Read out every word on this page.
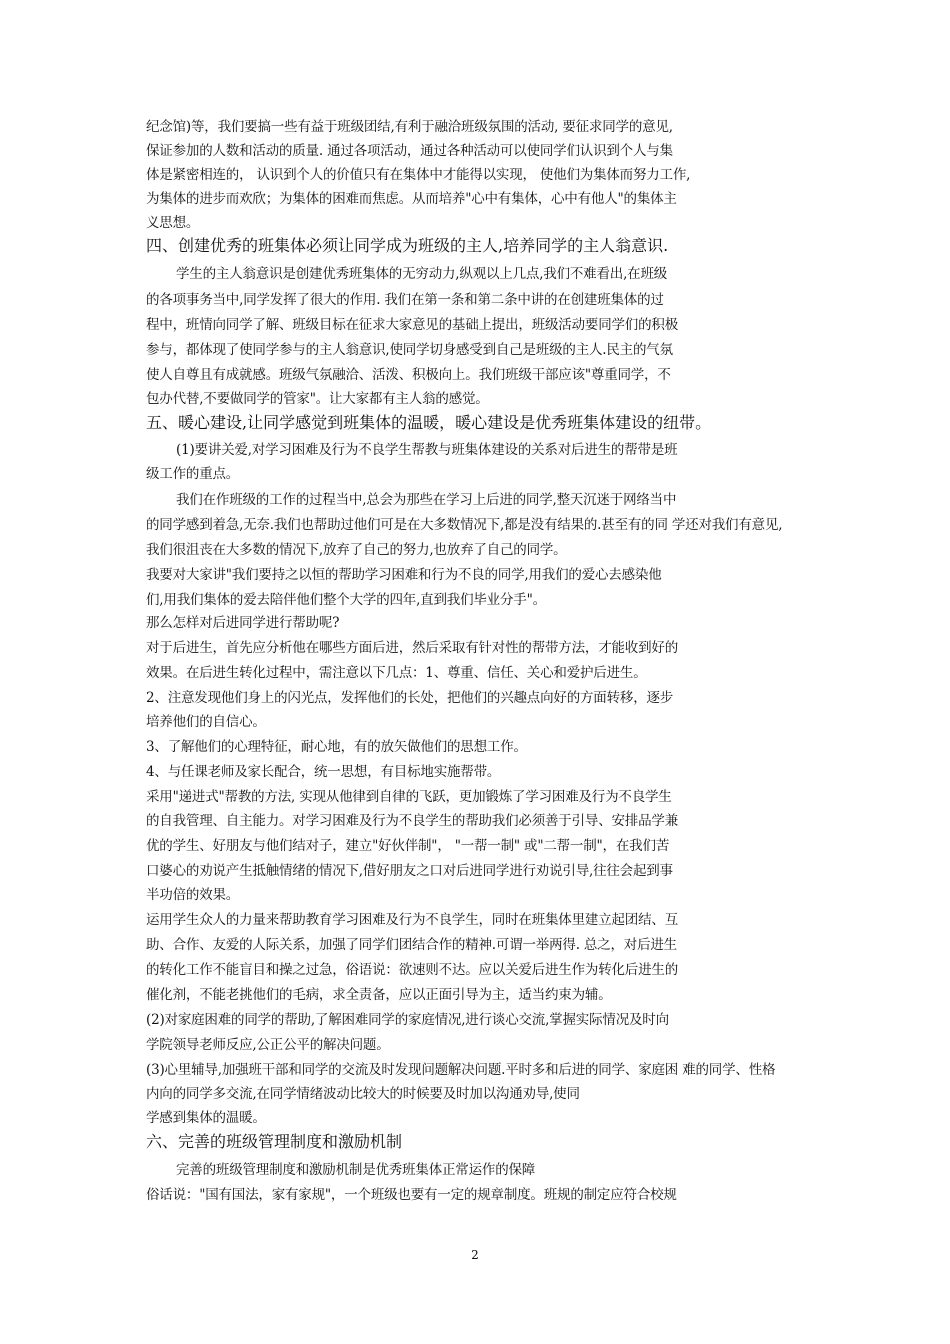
纪念馆)等，我们要搞一些有益于班级团结,有利于融洽班级氛围的活动, 要征求同学的意见,
保证参加的人数和活动的质量. 通过各项活动，通过各种活动可以使同学们认识到个人与集
体是紧密相连的， 认识到个人的价值只有在集体中才能得以实现， 使他们为集体而努力工作,
为集体的进步而欢欣；为集体的困难而焦虑。从而培养"心中有集体，心中有他人"的集体主
义思想。
四、创建优秀的班集体必须让同学成为班级的主人,培养同学的主人翁意识.
学生的主人翁意识是创建优秀班集体的无穷动力,纵观以上几点,我们不难看出,在班级
的各项事务当中,同学发挥了很大的作用. 我们在第一条和第二条中讲的在创建班集体的过
程中，班情向同学了解、班级目标在征求大家意见的基础上提出，班级活动要同学们的积极
参与，都体现了使同学参与的主人翁意识,使同学切身感受到自己是班级的主人.民主的气氛
使人自尊且有成就感。班级气氛融洽、活泼、积极向上。我们班级干部应该"尊重同学，不
包办代替,不要做同学的管家"。让大家都有主人翁的感觉。
五、暖心建设,让同学感觉到班集体的温暖，暖心建设是优秀班集体建设的纽带。
(1)要讲关爱,对学习困难及行为不良学生帮教与班集体建设的关系对后进生的帮带是班
级工作的重点。
我们在作班级的工作的过程当中,总会为那些在学习上后进的同学,整天沉迷于网络当中
的同学感到着急,无奈.我们也帮助过他们可是在大多数情况下,都是没有结果的.甚至有的同 学还对我们有意见,
我们很沮丧在大多数的情况下,放弃了自己的努力,也放弃了自己的同学。
我要对大家讲"我们要持之以恒的帮助学习困难和行为不良的同学,用我们的爱心去感染他
们,用我们集体的爱去陪伴他们整个大学的四年,直到我们毕业分手"。
那么怎样对后进同学进行帮助呢?
对于后进生，首先应分析他在哪些方面后进，然后采取有针对性的帮带方法，才能收到好的
效果。在后进生转化过程中，需注意以下几点：1、尊重、信任、关心和爱护后进生。
2、注意发现他们身上的闪光点，发挥他们的长处，把他们的兴趣点向好的方面转移，逐步
培养他们的自信心。
3、了解他们的心理特征，耐心地，有的放矢做他们的思想工作。
4、与任课老师及家长配合，统一思想，有目标地实施帮带。
采用"递进式"帮教的方法, 实现从他律到自律的飞跃，更加锻炼了学习困难及行为不良学生
的自我管理、自主能力。对学习困难及行为不良学生的帮助我们必须善于引导、安排品学兼
优的学生、好朋友与他们结对子，建立"好伙伴制"， "一帮一制" 或"二帮一制"，在我们苦
口婆心的劝说产生抵触情绪的情况下,借好朋友之口对后进同学进行劝说引导,往往会起到事
半功倍的效果。
运用学生众人的力量来帮助教育学习困难及行为不良学生，同时在班集体里建立起团结、互
助、合作、友爱的人际关系，加强了同学们团结合作的精神.可谓一举两得. 总之，对后进生
的转化工作不能盲目和操之过急，俗语说：欲速则不达。应以关爱后进生作为转化后进生的
催化剂，不能老挑他们的毛病，求全责备，应以正面引导为主，适当约束为辅。
(2)对家庭困难的同学的帮助,了解困难同学的家庭情况,进行谈心交流,掌握实际情况及时向
学院领导老师反应,公正公平的解决问题。
(3)心里辅导,加强班干部和同学的交流及时发现问题解决问题.平时多和后进的同学、家庭困 难的同学、性格
内向的同学多交流,在同学情绪波动比较大的时候要及时加以沟通劝导,使同
学感到集体的温暖。
六、完善的班级管理制度和激励机制
完善的班级管理制度和激励机制是优秀班集体正常运作的保障
俗话说："国有国法，家有家规"，一个班级也要有一定的规章制度。班规的制定应符合校规
2
